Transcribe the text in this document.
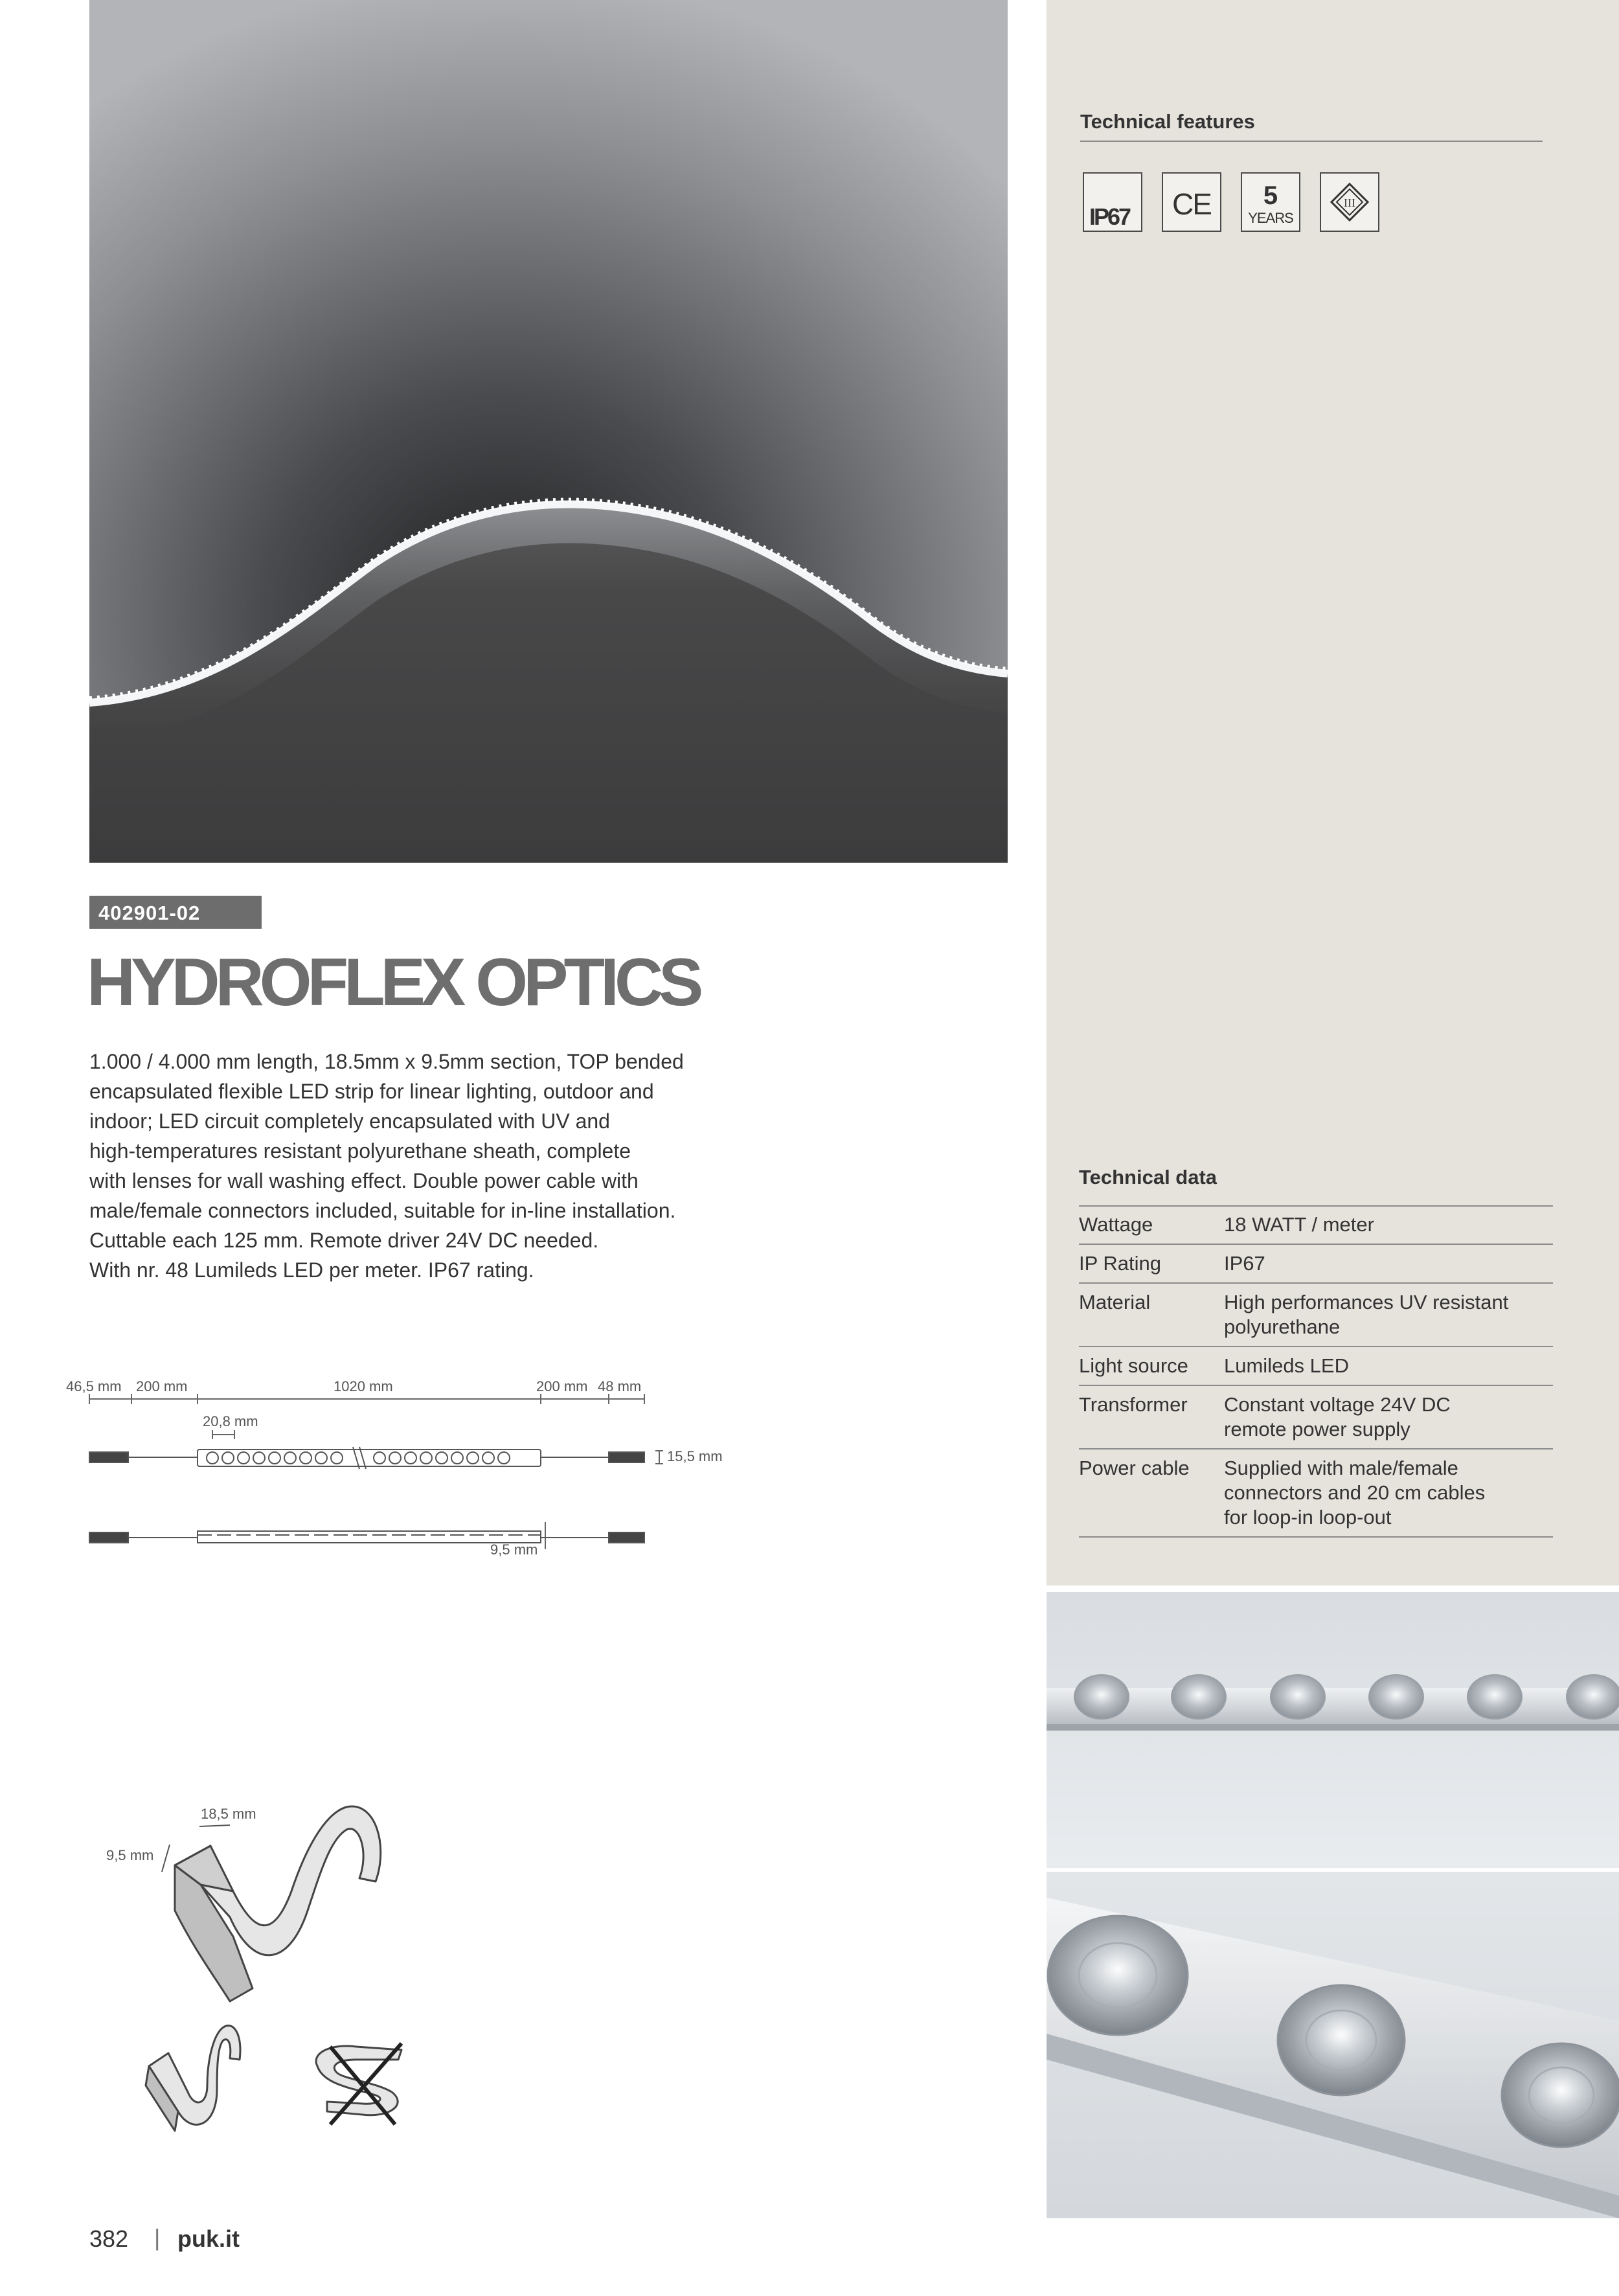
Technical features
IP67 CE	5
YEARS
III
Technical data
Wattage	18 WATT / meter

IP Rating	IP67

Material	High performances UV resistant
polyurethane

Light source	Lumileds LED

Transformer	Constant voltage 24V DC
remote power supply

Power cable	Supplied with male/female
connectors and 20 cm cables
for loop-in loop-out
402901-02
HYDROFLEX OPTICS
1.000 / 4.000 mm length, 18.5mm x 9.5mm section, TOP bended
encapsulated flexible LED strip for linear lighting, outdoor and
indoor; LED circuit completely encapsulated with UV and
high-temperatures resistant polyurethane sheath, complete
with lenses for wall washing effect. Double power cable with
male/female connectors included, suitable for in-line installation.
Cuttable each 125 mm. Remote driver 24V DC needed.
With nr. 48 Lumileds LED per meter. IP67 rating.
46,5 mm 200 mm	1020 mm	200 mm 48 mm
20,8 mm
15,5 mm
9,5 mm
18,5 mm
9,5 mm
382 | puk.it
